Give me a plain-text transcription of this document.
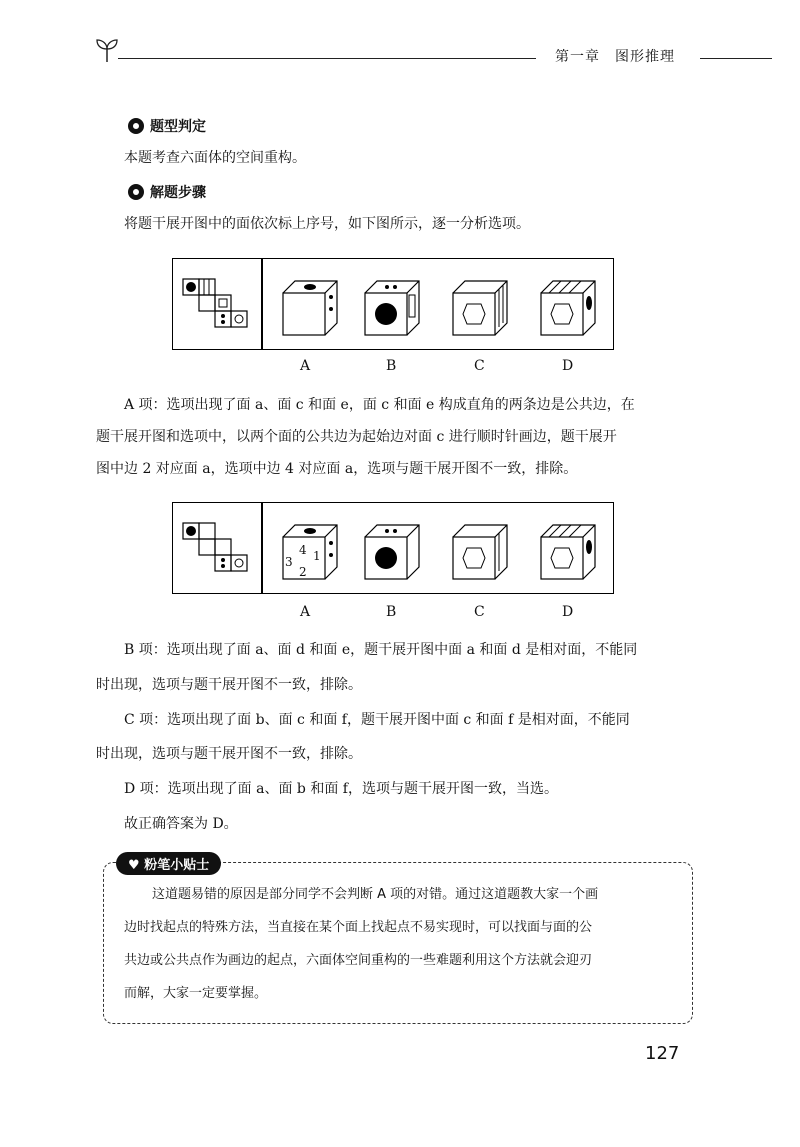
第一章　图形推理
题型判定
本题考查六面体的空间重构。
解题步骤
将题干展开图中的面依次标上序号，如下图所示，逐一分析选项。
A	B	C	D
A 项：选项出现了面 a、面 c 和面 e，面 c 和面 e 构成直角的两条边是公共边，在
题干展开图和选项中，以两个面的公共边为起始边对面 c 进行顺时针画边，题干展开
图中边 2 对应面 a，选项中边 4 对应面 a，选项与题干展开图不一致，排除。
4
3 1
2
A	B	C	D
B 项：选项出现了面 a、面 d 和面 e，题干展开图中面 a 和面 d 是相对面，不能同
时出现，选项与题干展开图不一致，排除。
C 项：选项出现了面 b、面 c 和面 f，题干展开图中面 c 和面 f 是相对面，不能同
时出现，选项与题干展开图不一致，排除。
D 项：选项出现了面 a、面 b 和面 f，选项与题干展开图一致，当选。
故正确答案为 D。
♥ 粉笔小贴士
这道题易错的原因是部分同学不会判断 A 项的对错。通过这道题教大家一个画
边时找起点的特殊方法，当直接在某个面上找起点不易实现时，可以找面与面的公
共边或公共点作为画边的起点，六面体空间重构的一些难题利用这个方法就会迎刃
而解，大家一定要掌握。
127
